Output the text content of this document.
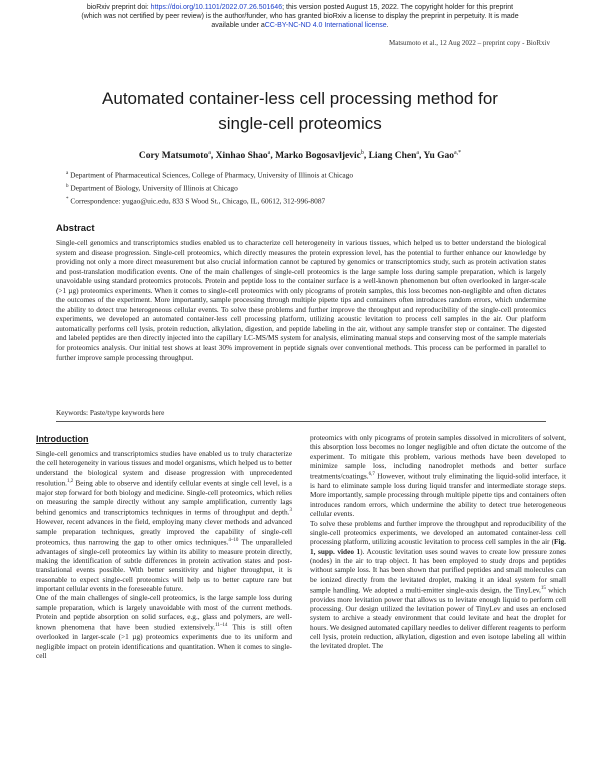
bioRxiv preprint doi: https://doi.org/10.1101/2022.07.26.501646; this version posted August 15, 2022. The copyright holder for this preprint
(which was not certified by peer review) is the author/funder, who has granted bioRxiv a license to display the preprint in perpetuity. It is made
available under aCC-BY-NC-ND 4.0 International license.
Matsumoto et al., 12 Aug 2022 – preprint copy - BioRxiv
Automated container-less cell processing method for
single-cell proteomics
Cory Matsumoto$^a$, Xinhao Shao$^a$, Marko Bogosavljevic$^b$, Liang Chen$^a$, Yu Gao$^{a,*}$
$^a$ Department of Pharmaceutical Sciences, College of Pharmacy, University of Illinois at Chicago
$^b$ Department of Biology, University of Illinois at Chicago
* Correspondence: yugao@uic.edu, 833 S Wood St., Chicago, IL, 60612, 312-996-8087
Abstract
Single-cell genomics and transcriptomics studies enabled us to characterize cell heterogeneity in various tissues, which helped us to better understand the biological system and disease progression. Single-cell proteomics, which directly measures the protein expression level, has the potential to further enhance our knowledge by providing not only a more direct measurement but also crucial information cannot be captured by genomics or transcriptomics study, such as protein activation states and post-translation modification events. One of the main challenges of single-cell proteomics is the large sample loss during sample preparation, which is largely unavoidable using standard proteomics protocols. Protein and peptide loss to the container surface is a well-known phenomenon but often overlooked in larger-scale (>1 µg) proteomics experiments. When it comes to single-cell proteomics with only picograms of protein samples, this loss becomes non-negligible and often dictates the outcomes of the experiment. More importantly, sample processing through multiple pipette tips and containers often introduces random errors, which undermine the ability to detect true heterogeneous cellular events. To solve these problems and further improve the throughput and reproducibility of the single-cell proteomics experiments, we developed an automated container-less cell processing platform, utilizing acoustic levitation to process cell samples in the air. Our platform automatically performs cell lysis, protein reduction, alkylation, digestion, and peptide labeling in the air, without any sample transfer step or container. The digested and labeled peptides are then directly injected into the capillary LC-MS/MS system for analysis, eliminating manual steps and conserving most of the sample materials for proteomics analysis. Our initial test shows at least 30% improvement in peptide signals over conventional methods. This process can be performed in parallel to further improve sample processing throughput.
Keywords: Paste/type keywords here
Introduction

Single-cell genomics and transcriptomics studies have enabled us to truly characterize the cell heterogeneity in various tissues and model organisms, which helped us to better understand the biological system and disease progression with unprecedented resolution.$^{1,2}$ Being able to observe and identify cellular events at single cell level, is a major step forward for both biology and medicine. Single-cell proteomics, which relies on measuring the sample directly without any sample amplification, currently lags behind genomics and transcriptomics techniques in terms of throughput and depth.$^3$ However, recent advances in the field, employing many clever methods and advanced sample preparation techniques, greatly improved the capability of single-cell proteomics, thus narrowing the gap to other omics techniques.$^{4-10}$ The unparalleled advantages of single-cell proteomics lay within its ability to measure protein directly, making the identification of subtle differences in protein activation states and post-translational events possible. With better sensitivity and higher throughput, it is reasonable to expect single-cell proteomics will help us to better capture rare but important cellular events in the foreseeable future.

One of the main challenges of single-cell proteomics, is the large sample loss during sample preparation, which is largely unavoidable with most of the current methods. Protein and peptide absorption on solid surfaces, e.g., glass and polymers, are well-known phenomena that have been studied extensively.$^{11-14}$ This is still often overlooked in larger-scale (>1 µg) proteomics experiments due to its uniform and negligible impact on protein identifications and quantitation. When it comes to single-cell

proteomics with only picograms of protein samples dissolved in microliters of solvent, this absorption loss becomes no longer negligible and often dictate the outcome of the experiment. To mitigate this problem, various methods have been developed to minimize sample loss, including nanodroplet methods and better surface treatments/coatings.$^{6,7}$ However, without truly eliminating the liquid-solid interface, it is hard to eliminate sample loss during liquid transfer and intermediate storage steps. More importantly, sample processing through multiple pipette tips and containers often introduces random errors, which undermine the ability to detect true heterogeneous cellular events.

To solve these problems and further improve the throughput and reproducibility of the single-cell proteomics experiments, we developed an automated container-less cell processing platform, utilizing acoustic levitation to process cell samples in the air (Fig. 1, supp. video 1). Acoustic levitation uses sound waves to create low pressure zones (nodes) in the air to trap object. It has been employed to study drops and peptides without sample loss. It has been shown that purified peptides and small molecules can be ionized directly from the levitated droplet, making it an ideal system for small sample handling. We adopted a multi-emitter single-axis design, the TinyLev,$^{15}$ which provides more levitation power that allows us to levitate enough liquid to perform cell processing. Our design utilized the levitation power of TinyLev and uses an enclosed system to archive a steady environment that could levitate and heat the droplet for hours. We designed automated capillary needles to deliver different reagents to perform cell lysis, protein reduction, alkylation, digestion and even isotope labeling all within the levitated droplet. The
